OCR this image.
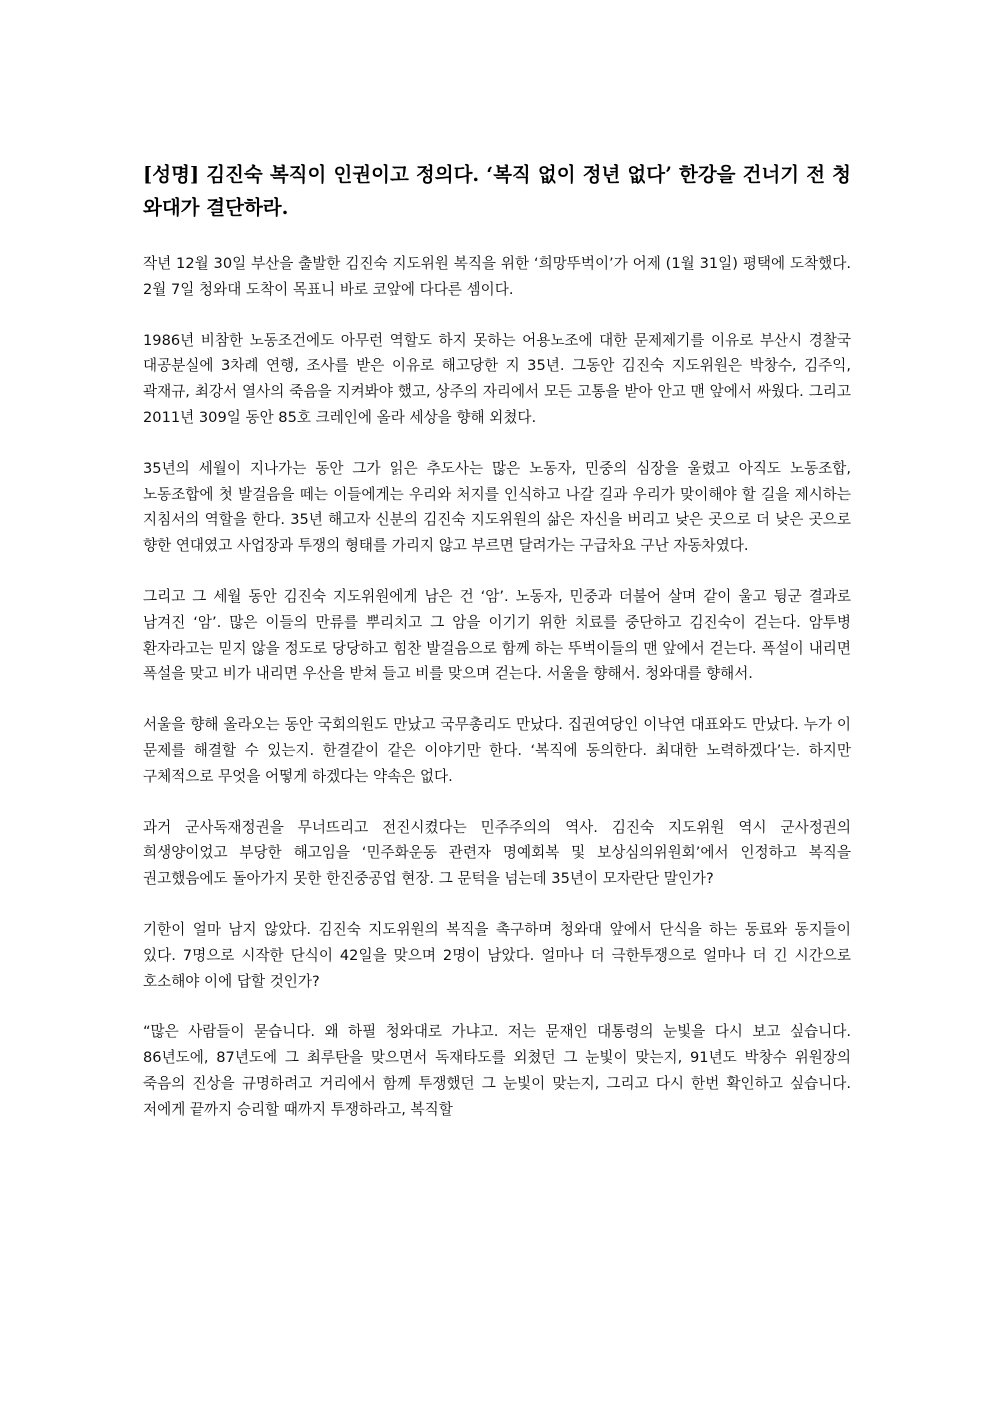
[성명] 김진숙 복직이 인권이고 정의다. ‘복직 없이 정년 없다’ 한강을 건너기 전 청와대가 결단하라.

작년 12월 30일 부산을 출발한 김진숙 지도위원 복직을 위한 ‘희망뚜벅이’가 어제 (1월 31일) 평택에 도착했다. 2월 7일 청와대 도착이 목표니 바로 코앞에 다다른 셈이다.

1986년 비참한 노동조건에도 아무런 역할도 하지 못하는 어용노조에 대한 문제제기를 이유로 부산시 경찰국 대공분실에 3차례 연행, 조사를 받은 이유로 해고당한 지 35년. 그동안 김진숙 지도위원은 박창수, 김주익, 곽재규, 최강서 열사의 죽음을 지켜봐야 했고, 상주의 자리에서 모든 고통을 받아 안고 맨 앞에서 싸웠다. 그리고 2011년 309일 동안 85호 크레인에 올라 세상을 향해 외쳤다.

35년의 세월이 지나가는 동안 그가 읽은 추도사는 많은 노동자, 민중의 심장을 울렸고 아직도 노동조합, 노동조합에 첫 발걸음을 떼는 이들에게는 우리와 처지를 인식하고 나갈 길과 우리가 맞이해야 할 길을 제시하는 지침서의 역할을 한다. 35년 해고자 신분의 김진숙 지도위원의 삶은 자신을 버리고 낮은 곳으로 더 낮은 곳으로 향한 연대였고 사업장과 투쟁의 형태를 가리지 않고 부르면 달려가는 구급차요 구난 자동차였다.

그리고 그 세월 동안 김진숙 지도위원에게 남은 건 ‘암’. 노동자, 민중과 더불어 살며 같이 울고 뒹군 결과로 남겨진 ‘암’. 많은 이들의 만류를 뿌리치고 그 암을 이기기 위한 치료를 중단하고 김진숙이 걷는다. 암투병 환자라고는 믿지 않을 정도로 당당하고 힘찬 발걸음으로 함께 하는 뚜벅이들의 맨 앞에서 걷는다. 폭설이 내리면 폭설을 맞고 비가 내리면 우산을 받쳐 들고 비를 맞으며 걷는다. 서울을 향해서. 청와대를 향해서.

서울을 향해 올라오는 동안 국회의원도 만났고 국무총리도 만났다. 집권여당인 이낙연 대표와도 만났다. 누가 이 문제를 해결할 수 있는지. 한결같이 같은 이야기만 한다. ‘복직에 동의한다. 최대한 노력하겠다’는. 하지만 구체적으로 무엇을 어떻게 하겠다는 약속은 없다.

과거 군사독재정권을 무너뜨리고 전진시켰다는 민주주의의 역사. 김진숙 지도위원 역시 군사정권의 희생양이었고 부당한 해고임을 ‘민주화운동 관련자 명예회복 및 보상심의위원회’에서 인정하고 복직을 권고했음에도 돌아가지 못한 한진중공업 현장. 그 문턱을 넘는데 35년이 모자란단 말인가?

기한이 얼마 남지 않았다. 김진숙 지도위원의 복직을 촉구하며 청와대 앞에서 단식을 하는 동료와 동지들이 있다. 7명으로 시작한 단식이 42일을 맞으며 2명이 남았다. 얼마나 더 극한투쟁으로 얼마나 더 긴 시간으로 호소해야 이에 답할 것인가?

“많은 사람들이 묻습니다. 왜 하필 청와대로 가냐고. 저는 문재인 대통령의 눈빛을 다시 보고 싶습니다. 86년도에, 87년도에 그 최루탄을 맞으면서 독재타도를 외쳤던 그 눈빛이 맞는지, 91년도 박창수 위원장의 죽음의 진상을 규명하려고 거리에서 함께 투쟁했던 그 눈빛이 맞는지, 그리고 다시 한번 확인하고 싶습니다. 저에게 끝까지 승리할 때까지 투쟁하라고, 복직할
